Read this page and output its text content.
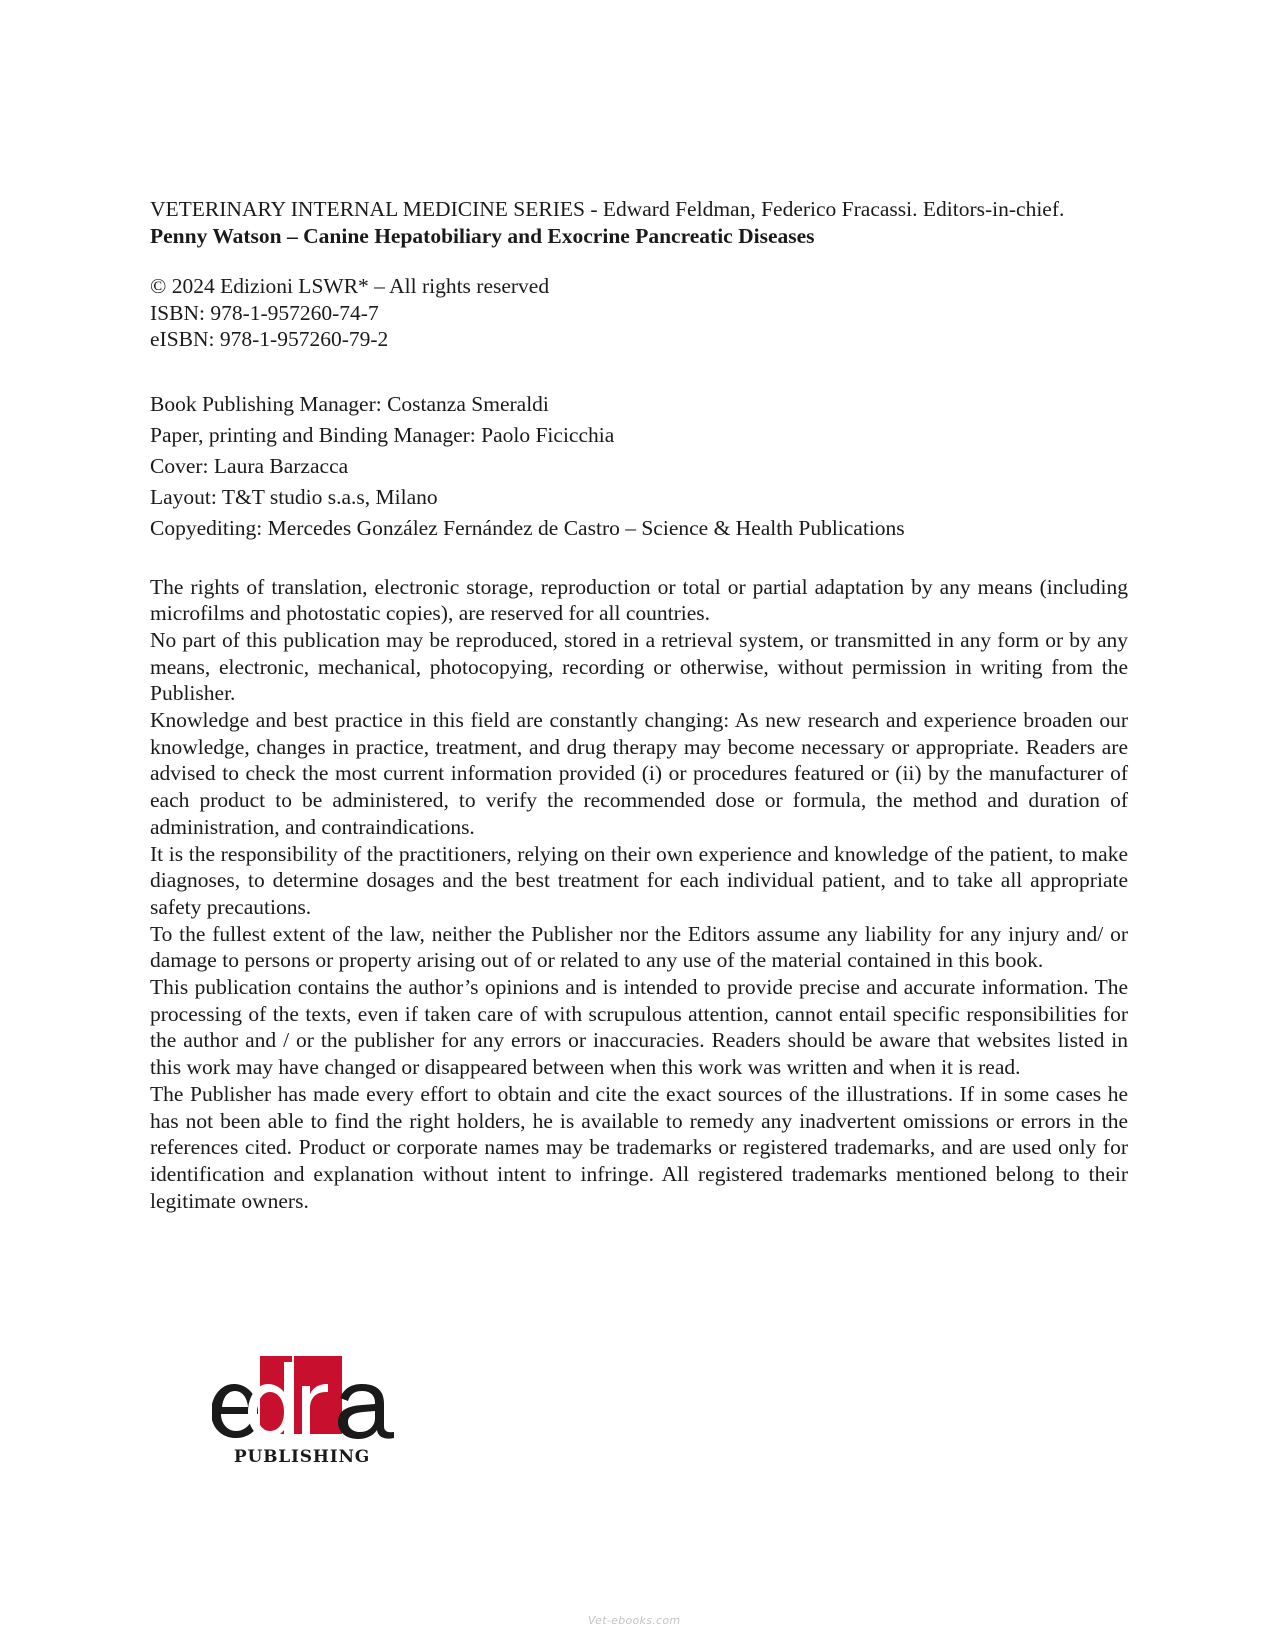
VETERINARY INTERNAL MEDICINE SERIES - Edward Feldman, Federico Fracassi. Editors-in-chief.

Penny Watson – Canine Hepatobiliary and Exocrine Pancreatic Diseases

© 2024 Edizioni LSWR* – All rights reserved

ISBN: 978-1-957260-74-7

eISBN: 978-1-957260-79-2

Book Publishing Manager: Costanza Smeraldi

Paper, printing and Binding Manager: Paolo Ficicchia

Cover: Laura Barzacca

Layout: T&T studio s.a.s, Milano

Copyediting: Mercedes González Fernández de Castro – Science & Health Publications

The rights of translation, electronic storage, reproduction or total or partial adaptation by any means (including microfilms and photostatic copies), are reserved for all countries.

No part of this publication may be reproduced, stored in a retrieval system, or transmitted in any form or by any means, electronic, mechanical, photocopying, recording or otherwise, without permission in writing from the Publisher.

Knowledge and best practice in this field are constantly changing: As new research and experience broaden our knowledge, changes in practice, treatment, and drug therapy may become necessary or appropriate. Readers are advised to check the most current information provided (i) or procedures featured or (ii) by the manufacturer of each product to be administered, to verify the recommended dose or formula, the method and duration of administration, and contraindications.

It is the responsibility of the practitioners, relying on their own experience and knowledge of the patient, to make diagnoses, to determine dosages and the best treatment for each individual patient, and to take all appropriate safety precautions.

To the fullest extent of the law, neither the Publisher nor the Editors assume any liability for any injury and/ or damage to persons or property arising out of or related to any use of the material contained in this book.

This publication contains the author’s opinions and is intended to provide precise and accurate information. The processing of the texts, even if taken care of with scrupulous attention, cannot entail specific responsibilities for the author and / or the publisher for any errors or inaccuracies. Readers should be aware that websites listed in this work may have changed or disappeared between when this work was written and when it is read.

The Publisher has made every effort to obtain and cite the exact sources of the illustrations. If in some cases he has not been able to find the right holders, he is available to remedy any inadvertent omissions or errors in the references cited. Product or corporate names may be trademarks or registered trademarks, and are used only for identification and explanation without intent to infringe. All registered trademarks mentioned belong to their legitimate owners.

PUBLISHING
Vet-ebooks.com
